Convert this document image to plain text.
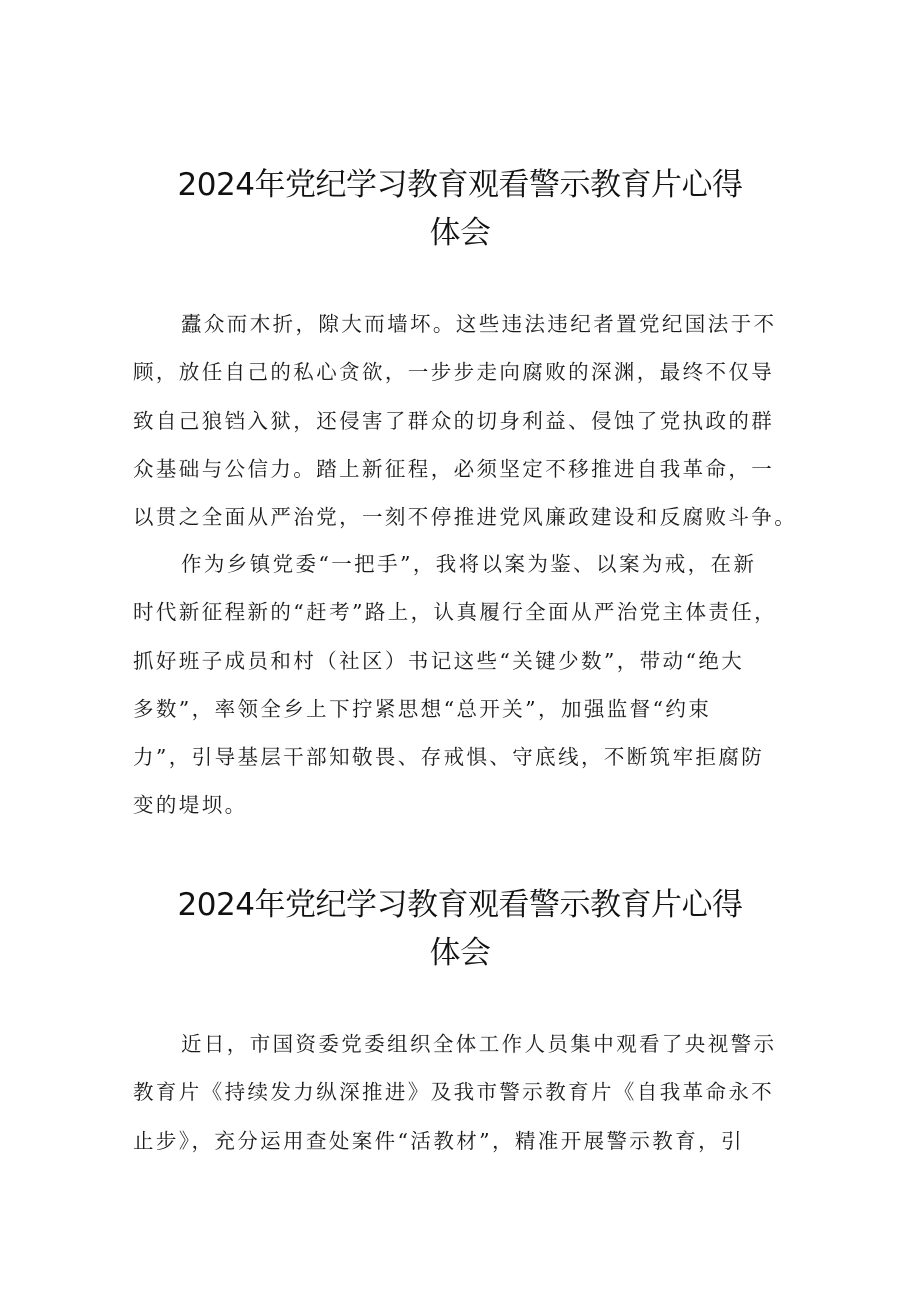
2024年党纪学习教育观看警示教育片心得
体会

蠹众而木折，隙大而墙坏。这些违法违纪者置党纪国法于不
顾，放任自己的私心贪欲，一步步走向腐败的深渊，最终不仅导
致自己狼铛入狱，还侵害了群众的切身利益、侵蚀了党执政的群
众基础与公信力。踏上新征程，必须坚定不移推进自我革命，一
以贯之全面从严治党，一刻不停推进党风廉政建设和反腐败斗争。

作为乡镇党委“一把手”，我将以案为鉴、以案为戒，在新
时代新征程新的“赶考”路上，认真履行全面从严治党主体责任，
抓好班子成员和村（社区）书记这些“关键少数”，带动“绝大
多数”，率领全乡上下拧紧思想“总开关”，加强监督“约束
力”，引导基层干部知敬畏、存戒惧、守底线，不断筑牢拒腐防
变的堤坝。

2024年党纪学习教育观看警示教育片心得
体会

近日，市国资委党委组织全体工作人员集中观看了央视警示
教育片《持续发力纵深推进》及我市警示教育片《自我革命永不
止步》，充分运用查处案件“活教材”，精准开展警示教育，引
